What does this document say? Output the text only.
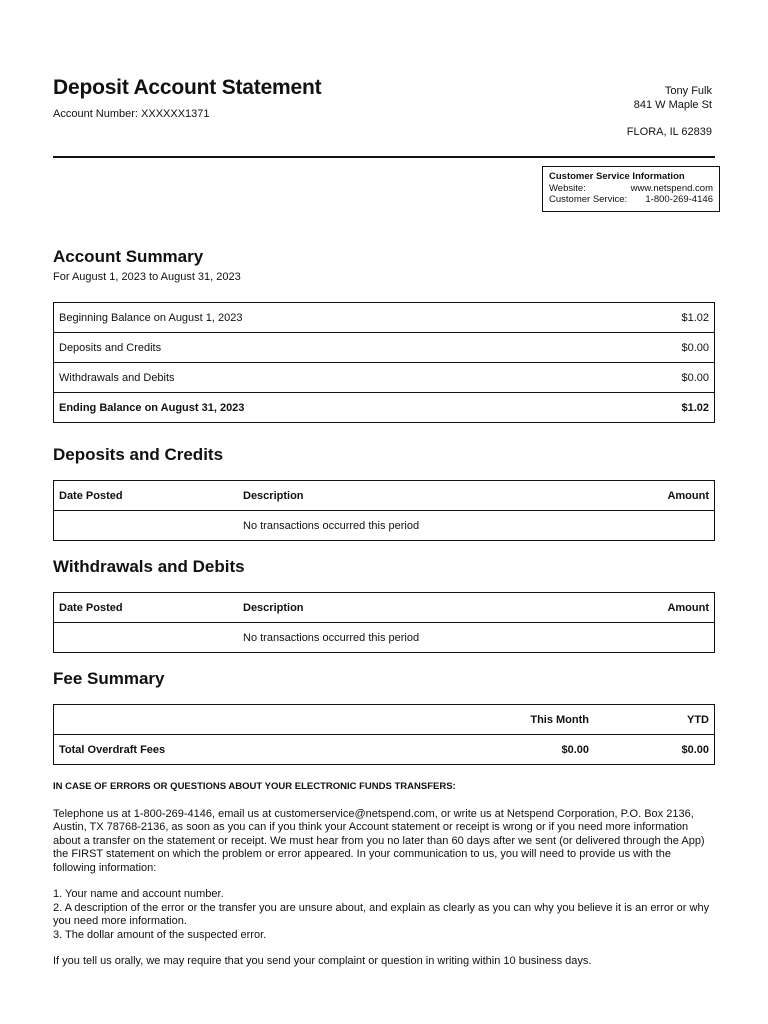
Deposit Account Statement
Account Number: XXXXXX1371
Tony Fulk
841 W Maple St
FLORA, IL 62839
Customer Service Information
Website:	www.netspend.com
Customer Service: 1-800-269-4146
Account Summary
For August 1, 2023 to August 31, 2023
Beginning Balance on August 1, 2023	$1.02
Deposits and Credits	$0.00
Withdrawals and Debits	$0.00
Ending Balance on August 31, 2023	$1.02
Deposits and Credits
Date Posted	Description	Amount
	No transactions occurred this period	
Withdrawals and Debits
Date Posted	Description	Amount
	No transactions occurred this period	
Fee Summary
	This Month	YTD
Total Overdraft Fees	$0.00	$0.00
IN CASE OF ERRORS OR QUESTIONS ABOUT YOUR ELECTRONIC FUNDS TRANSFERS:

Telephone us at 1-800-269-4146, email us at customerservice@netspend.com, or write us at Netspend Corporation, P.O. Box 2136, Austin, TX 78768-2136, as soon as you can if you think your Account statement or receipt is wrong or if you need more information about a transfer on the statement or receipt. We must hear from you no later than 60 days after we sent (or delivered through the App) the FIRST statement on which the problem or error appeared. In your communication to us, you will need to provide us with the following information:

1. Your name and account number.
2. A description of the error or the transfer you are unsure about, and explain as clearly as you can why you believe it is an error or why you need more information.
3. The dollar amount of the suspected error.

If you tell us orally, we may require that you send your complaint or question in writing within 10 business days.
